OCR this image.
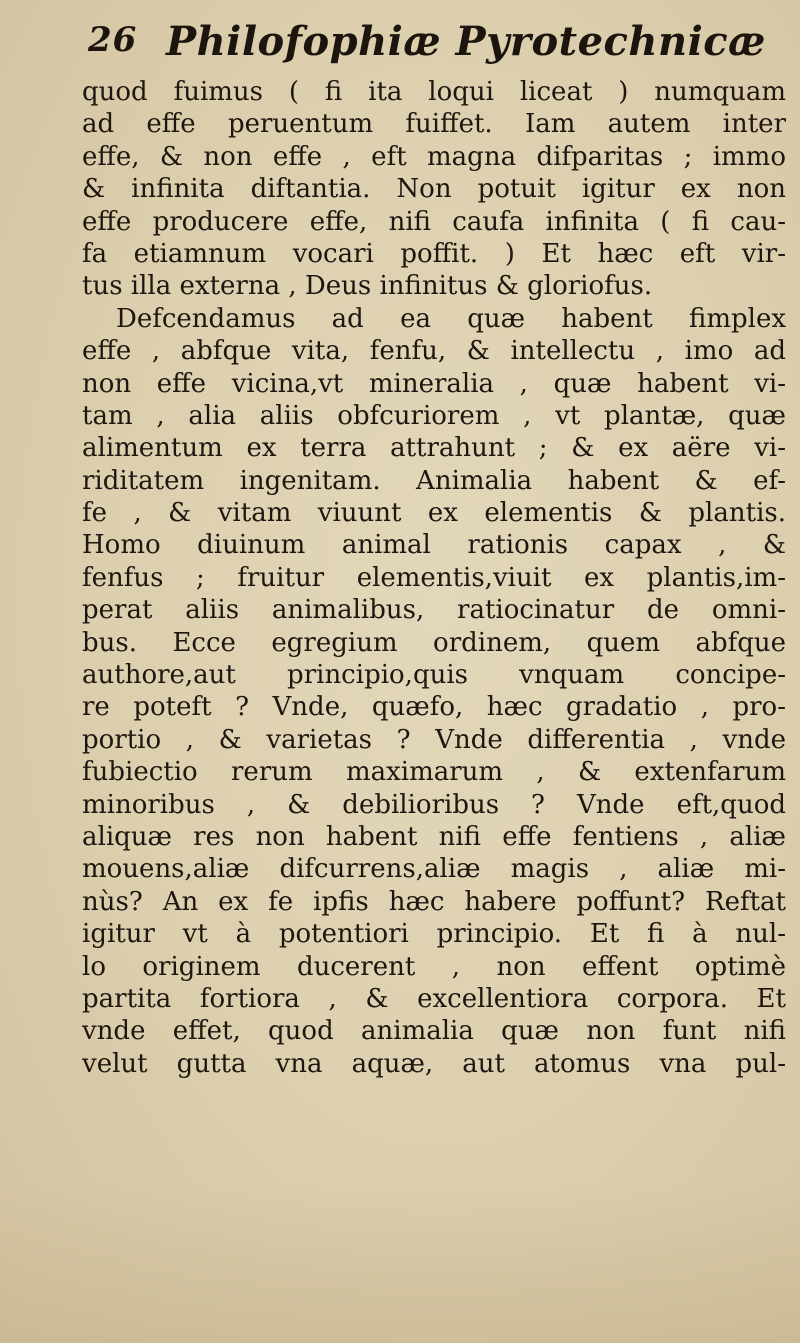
26 Philofophiæ Pyrotechnicæ
quod fuimus ( fi ita loqui liceat ) numquam
ad effe peruentum fuiffet. Iam autem inter
effe, & non effe , eft magna difparitas ; immo
& infinita diftantia. Non potuit igitur ex non
effe producere effe, nifi caufa infinita ( fi cau-
fa etiamnum vocari poffit. ) Et hæc eft vir-
tus illa externa , Deus infinitus & gloriofus.
Defcendamus ad ea quæ habent fimplex
effe , abfque vita, fenfu, & intellectu , imo ad
non effe vicina,vt mineralia , quæ habent vi-
tam , alia aliis obfcuriorem , vt plantæ, quæ
alimentum ex terra attrahunt ; & ex aëre vi-
riditatem ingenitam. Animalia habent & ef-
fe , & vitam viuunt ex elementis & plantis.
Homo diuinum animal rationis capax , &
fenfus ; fruitur elementis,viuit ex plantis,im-
perat aliis animalibus, ratiocinatur de omni-
bus. Ecce egregium ordinem, quem abfque
authore,aut principio,quis vnquam concipe-
re poteft ? Vnde, quæfo, hæc gradatio , pro-
portio , & varietas ? Vnde differentia , vnde
fubiectio rerum maximarum , & extenfarum
minoribus , & debilioribus ? Vnde eft,quod
aliquæ res non habent nifi effe fentiens , aliæ
mouens,aliæ difcurrens,aliæ magis , aliæ mi-
nùs? An ex fe ipfis hæc habere poffunt? Reftat
igitur vt à potentiori principio. Et fi à nul-
lo originem ducerent , non effent optimè
partita fortiora , & excellentiora corpora. Et
vnde effet, quod animalia quæ non funt nifi
velut gutta vna aquæ, aut atomus vna pul-
